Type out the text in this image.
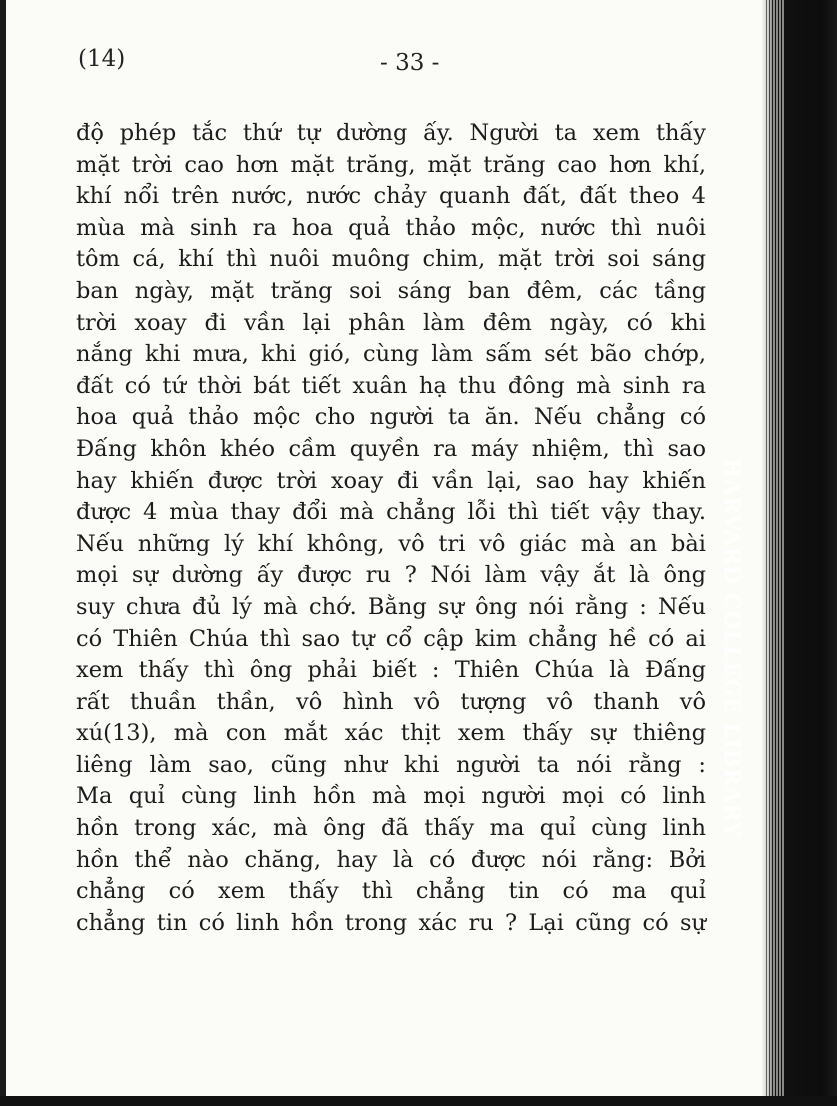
HARVARD COLLEGE LIBRARY
(14)	- 33 -
độ phép tắc thứ tự dường ấy. Người ta xem thấy
mặt trời cao hơn mặt trăng, mặt trăng cao hơn khí,
khí nổi trên nước, nước chảy quanh đất, đất theo 4
mùa mà sinh ra hoa quả thảo mộc, nước thì nuôi
tôm cá, khí thì nuôi muông chim, mặt trời soi sáng
ban ngày, mặt trăng soi sáng ban đêm, các tầng
trời xoay đi vần lại phân làm đêm ngày, có khi
nắng khi mưa, khi gió, cùng làm sấm sét bão chớp,
đất có tứ thời bát tiết xuân hạ thu đông mà sinh ra
hoa quả thảo mộc cho người ta ăn. Nếu chẳng có
Đấng khôn khéo cầm quyền ra máy nhiệm, thì sao
hay khiến được trời xoay đi vần lại, sao hay khiến
được 4 mùa thay đổi mà chẳng lỗi thì tiết vậy thay.
Nếu những lý khí không, vô tri vô giác mà an bài
mọi sự dường ấy được ru ? Nói làm vậy ắt là ông
suy chưa đủ lý mà chớ. Bằng sự ông nói rằng : Nếu
có Thiên Chúa thì sao tự cổ cập kim chẳng hề có ai
xem thấy thì ông phải biết : Thiên Chúa là Đấng
rất thuần thần, vô hình vô tượng vô thanh vô
xú(13), mà con mắt xác thịt xem thấy sự thiêng
liêng làm sao, cũng như khi người ta nói rằng :
Ma quỉ cùng linh hồn mà mọi người mọi có linh
hồn trong xác, mà ông đã thấy ma quỉ cùng linh
hồn thể nào chăng, hay là có được nói rằng: Bởi
chẳng có xem thấy thì chẳng tin có ma quỉ
chẳng tin có linh hồn trong xác ru ? Lại cũng có sự
